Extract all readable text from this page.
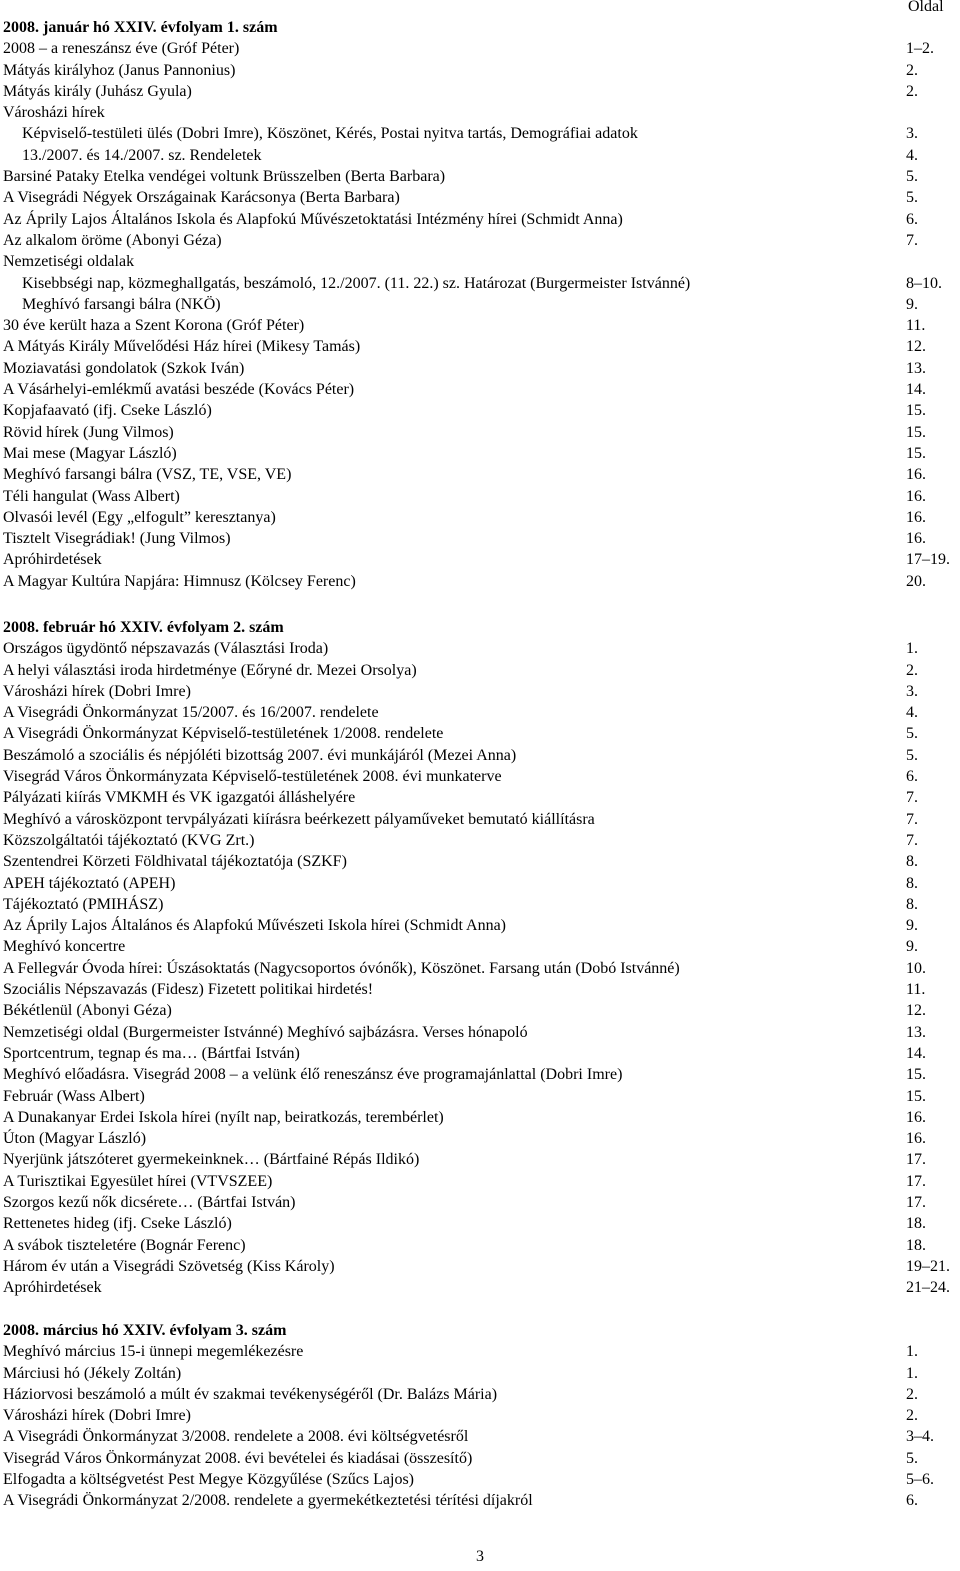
Oldal
2008. január hó XXIV. évfolyam 1. szám
2008 – a reneszánsz éve (Gróf Péter)	1–2.
Mátyás királyhoz (Janus Pannonius)	2.
Mátyás király (Juhász Gyula)	2.
Városházi hírek
Képviselő-testületi ülés (Dobri Imre), Köszönet, Kérés, Postai nyitva tartás, Demográfiai adatok	3.
13./2007. és 14./2007. sz. Rendeletek	4.
Barsiné Pataky Etelka vendégei voltunk Brüsszelben (Berta Barbara)	5.
A Visegrádi Négyek Országainak Karácsonya (Berta Barbara)	5.
Az Áprily Lajos Általános Iskola és Alapfokú Művészetoktatási Intézmény hírei (Schmidt Anna)	6.
Az alkalom öröme (Abonyi Géza)	7.
Nemzetiségi oldalak
Kisebbségi nap, közmeghallgatás, beszámoló, 12./2007. (11. 22.) sz. Határozat (Burgermeister Istvánné)	8–10.
Meghívó farsangi bálra (NKÖ)	9.
30 éve került haza a Szent Korona (Gróf Péter)	11.
A Mátyás Király Művelődési Ház hírei (Mikesy Tamás)	12.
Moziavatási gondolatok (Szkok Iván)	13.
A Vásárhelyi-emlékmű avatási beszéde (Kovács Péter)	14.
Kopjafaavató (ifj. Cseke László)	15.
Rövid hírek (Jung Vilmos)	15.
Mai mese (Magyar László)	15.
Meghívó farsangi bálra (VSZ, TE, VSE, VE)	16.
Téli hangulat (Wass Albert)	16.
Olvasói levél (Egy „elfogult” keresztanya)	16.
Tisztelt Visegrádiak! (Jung Vilmos)	16.
Apróhirdetések	17–19.
A Magyar Kultúra Napjára: Himnusz (Kölcsey Ferenc)	20.
2008. február hó XXIV. évfolyam 2. szám
Országos ügydöntő népszavazás (Választási Iroda)	1.
A helyi választási iroda hirdetménye (Eőryné dr. Mezei Orsolya)	2.
Városházi hírek (Dobri Imre)	3.
A Visegrádi Önkormányzat 15/2007. és 16/2007. rendelete	4.
A Visegrádi Önkormányzat Képviselő-testületének 1/2008. rendelete	5.
Beszámoló a szociális és népjóléti bizottság 2007. évi munkájáról (Mezei Anna)	5.
Visegrád Város Önkormányzata Képviselő-testületének 2008. évi munkaterve	6.
Pályázati kiírás VMKMH és VK igazgatói álláshelyére	7.
Meghívó a városközpont tervpályázati kiírásra beérkezett pályaműveket bemutató kiállításra	7.
Közszolgáltatói tájékoztató (KVG Zrt.)	7.
Szentendrei Körzeti Földhivatal tájékoztatója (SZKF)	8.
APEH tájékoztató (APEH)	8.
Tájékoztató (PMIHÁSZ)	8.
Az Áprily Lajos Általános és Alapfokú Művészeti Iskola hírei (Schmidt Anna)	9.
Meghívó koncertre	9.
A Fellegvár Óvoda hírei: Úszásoktatás (Nagycsoportos óvónők), Köszönet. Farsang után (Dobó Istvánné)	10.
Szociális Népszavazás (Fidesz) Fizetett politikai hirdetés!	11.
Békétlenül (Abonyi Géza)	12.
Nemzetiségi oldal (Burgermeister Istvánné) Meghívó sajbázásra. Verses hónapoló	13.
Sportcentrum, tegnap és ma… (Bártfai István)	14.
Meghívó előadásra. Visegrád 2008 – a velünk élő reneszánsz éve programajánlattal (Dobri Imre)	15.
Február (Wass Albert)	15.
A Dunakanyar Erdei Iskola hírei (nyílt nap, beiratkozás, terembérlet)	16.
Úton (Magyar László)	16.
Nyerjünk játszóteret gyermekeinknek… (Bártfainé Répás Ildikó)	17.
A Turisztikai Egyesület hírei (VTVSZEE)	17.
Szorgos kezű nők dicsérete… (Bártfai István)	17.
Rettenetes hideg (ifj. Cseke László)	18.
A svábok tiszteletére (Bognár Ferenc)	18.
Három év után a Visegrádi Szövetség (Kiss Károly)	19–21.
Apróhirdetések	21–24.
2008. március hó XXIV. évfolyam 3. szám
Meghívó március 15-i ünnepi megemlékezésre	1.
Márciusi hó (Jékely Zoltán)	1.
Háziorvosi beszámoló a múlt év szakmai tevékenységéről (Dr. Balázs Mária)	2.
Városházi hírek (Dobri Imre)	2.
A Visegrádi Önkormányzat 3/2008. rendelete a 2008. évi költségvetésről	3–4.
Visegrád Város Önkormányzat 2008. évi bevételei és kiadásai (összesítő)	5.
Elfogadta a költségvetést Pest Megye Közgyűlése (Szűcs Lajos)	5–6.
A Visegrádi Önkormányzat 2/2008. rendelete a gyermekétkeztetési térítési díjakról	6.
3
